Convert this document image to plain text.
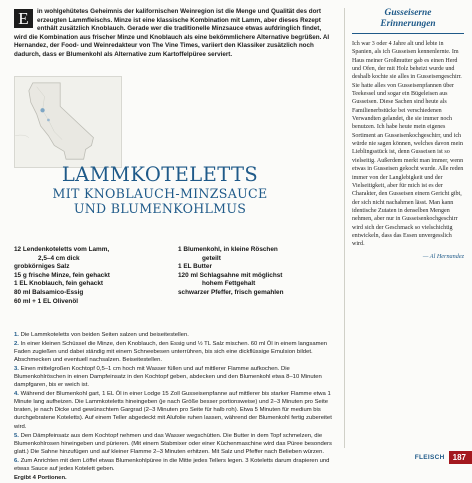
E	in wohlgehütetes Geheimnis der kalifornischen Weinregion ist die Menge und Qualität des dort erzeugten Lammfleischs. Minze ist eine klassische Kombination mit Lamm, aber dieses Rezept enthält zusätzlich Knoblauch. Gerade wer die traditionelle Minzsauce etwas aufdringlich findet, wird die Kombination aus frischer Minze und Knoblauch als eine bekömmlichere Alternative begrüßen. Al Hernandez, der Food- und Weinredakteur von The Vine Times, variiert den Klassiker zusätzlich noch dadurch, dass er Blumenkohl als Alternative zum Kartoffelpüree serviert.
LAMMKOTELETTS
MIT KNOBLAUCH-MINZSAUCE
UND BLUMENKOHLMUS
12 Lendenkoteletts vom Lamm,
2,5–4 cm dick
grobkörniges Salz
15 g frische Minze, fein gehackt
1 EL Knoblauch, fein gehackt
80 ml Balsamico-Essig
60 ml + 1 EL Olivenöl
1 Blumenkohl, in kleine Röschen
geteilt
1 EL Butter
120 ml Schlagsahne mit möglichst
hohem Fettgehalt
schwarzer Pfeffer, frisch gemahlen

1. Die Lammkoteletts von beiden Seiten salzen und beiseitestellen.

2. In einer kleinen Schüssel die Minze, den Knoblauch, den Essig und ½ TL Salz mischen. 60 ml Öl in einem langsamen Faden zugießen und dabei ständig mit einem Schneebesen unterrühren, bis sich eine dickflüssige Emulsion bildet. Abschmecken und eventuell nachsalzen. Beiseitestellen.

3. Einen mittelgroßen Kochtopf 0,5–1 cm hoch mit Wasser füllen und auf mittlerer Flamme aufkochen. Die Blumenkohlröschen in einen Dampfeinsatz in den Kochtopf geben, abdecken und den Blumenkohl etwa 8–10 Minuten dampfgaren, bis er weich ist.

4. Während der Blumenkohl gart, 1 EL Öl in einer Lodge 15 Zoll Gusseisenpfanne auf mittlerer bis starker Flamme etwa 1 Minute lang aufheizen. Die Lammkoteletts hineingeben (je nach Größe besser portionsweise) und 2–3 Minuten pro Seite braten, je nach Dicke und gewünschtem Gargrad (2–3 Minuten pro Seite für halb roh). Etwa 5 Minuten für medium bis durchgebratene Koteletts). Auf einem Teller abgedeckt mit Alufolie ruhen lassen, während der Blumenkohl fertig zubereitet wird.

5. Den Dämpfeinsatz aus dem Kochtopf nehmen und das Wasser wegschütten. Die Butter in dem Topf schmelzen, die Blumenkohlrosen hineingeben und pürieren. (Mit einem Stabmixer oder einer Küchenmaschine wird das Püree besonders glatt.) Die Sahne hinzufügen und auf kleiner Flamme 2–3 Minuten erhitzen. Mit Salz und Pfeffer nach Belieben würzen.

6. Zum Anrichten mit dem Löffel etwas Blumenkohlpüree in die Mitte jedes Tellers legen. 3 Koteletts darum drapieren und etwas Sauce auf jedes Kotelett geben.

Ergibt 4 Portionen.

Gusseiserne
Erinnerungen
Ich war 3 oder 4 Jahre alt und lebte in Spanien, als ich Gusseisen kennenlernte. Im Haus meiner Großmutter gab es einen Herd und Ofen, der mit Holz beheizt wurde und deshalb kochte sie alles in Gusseisengeschirr. Sie hatte alles von Gusseisenpfannen über Teekessel und sogar ein Bügeleisen aus Gusseisen. Diese Sachen sind heute als Familienerbstücke bei verschiedenen Verwandten gelandet, die sie immer noch benutzen. Ich habe heute mein eigenes Sortiment an Gusseisenkochgeschirr, und ich würde nie sagen können, welches davon mein Lieblingsstück ist, denn Gusseisen ist so vielseitig. Außerdem merkt man immer, wenn etwas in Gusseisen gekocht wurde. Alle reden immer von der Langlebigkeit und der Vielseitigkeit, aber für mich ist es der Charakter, den Gusseisen einem Gericht gibt, der sich nicht nachahmen lässt. Man kann identische Zutaten in denselben Mengen nehmen, aber nur in Gusseisenkochgeschirr wird sich der Geschmack so vielschichtig entwickeln, dass das Essen unvergesslich wird.
— Al Hernandez
FLEISCH	187
